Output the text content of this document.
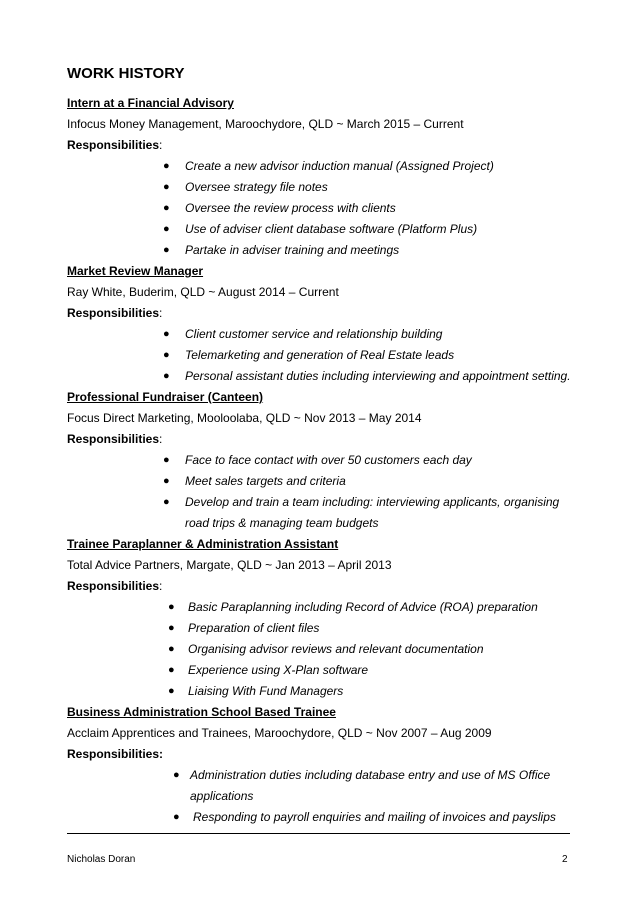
WORK HISTORY
Intern at a Financial Advisory
Infocus Money Management, Maroochydore, QLD ~ March 2015 – Current
Responsibilities:
● Create a new advisor induction manual (Assigned Project)
● Oversee strategy file notes
● Oversee the review process with clients
● Use of adviser client database software (Platform Plus)
● Partake in adviser training and meetings
Market Review Manager
Ray White, Buderim, QLD ~ August 2014 – Current
Responsibilities:
● Client customer service and relationship building
● Telemarketing and generation of Real Estate leads
● Personal assistant duties including interviewing and appointment setting.
Professional Fundraiser (Canteen)
Focus Direct Marketing, Mooloolaba, QLD ~ Nov 2013 – May 2014
Responsibilities:
● Face to face contact with over 50 customers each day
● Meet sales targets and criteria
● Develop and train a team including: interviewing applicants, organising road trips & managing team budgets
Trainee Paraplanner & Administration Assistant
Total Advice Partners, Margate, QLD ~ Jan 2013 – April 2013
Responsibilities:
● Basic Paraplanning including Record of Advice (ROA) preparation
● Preparation of client files
● Organising advisor reviews and relevant documentation
● Experience using X-Plan software
● Liaising With Fund Managers
Business Administration School Based Trainee
Acclaim Apprentices and Trainees, Maroochydore, QLD ~ Nov 2007 – Aug 2009
Responsibilities:
● Administration duties including database entry and use of MS Office applications
● Responding to payroll enquiries and mailing of invoices and payslips
Nicholas Doran	2
